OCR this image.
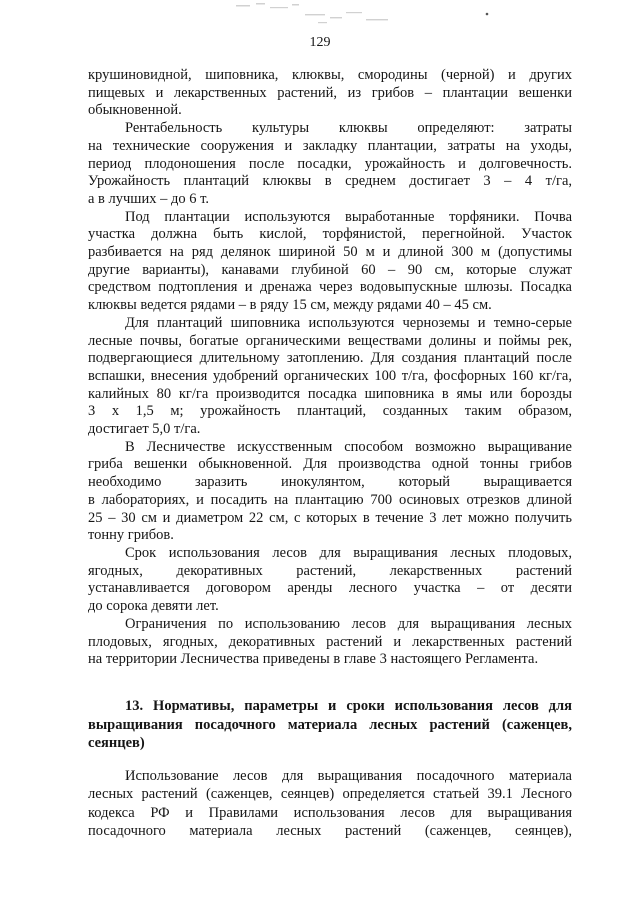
129
крушиновидной, шиповника, клюквы, смородины (черной) и других
пищевых и лекарственных растений, из грибов – плантации вешенки
обыкновенной.
Рентабельность культуры клюквы определяют: затраты
на технические сооружения и закладку плантации, затраты на уходы,
период плодоношения после посадки, урожайность и долговечность.
Урожайность плантаций клюквы в среднем достигает 3 – 4 т/га,
а в лучших – до 6 т.
Под плантации используются выработанные торфяники. Почва
участка должна быть кислой, торфянистой, перегнойной. Участок
разбивается на ряд делянок шириной 50 м и длиной 300 м (допустимы
другие варианты), канавами глубиной 60 – 90 см, которые служат
средством подтопления и дренажа через водовыпускные шлюзы. Посадка
клюквы ведется рядами – в ряду 15 см, между рядами 40 – 45 см.
Для плантаций шиповника используются черноземы и темно-серые
лесные почвы, богатые органическими веществами долины и поймы рек,
подвергающиеся длительному затоплению. Для создания плантаций после
вспашки, внесения удобрений органических 100 т/га, фосфорных 160 кг/га,
калийных 80 кг/га производится посадка шиповника в ямы или борозды
3 х 1,5 м; урожайность плантаций, созданных таким образом,
достигает 5,0 т/га.
В Лесничестве искусственным способом возможно выращивание
гриба вешенки обыкновенной. Для производства одной тонны грибов
необходимо заразить инокулянтом, который выращивается
в лабораториях, и посадить на плантацию 700 осиновых отрезков длиной
25 – 30 см и диаметром 22 см, с которых в течение 3 лет можно получить
тонну грибов.
Срок использования лесов для выращивания лесных плодовых,
ягодных, декоративных растений, лекарственных растений
устанавливается договором аренды лесного участка – от десяти
до сорока девяти лет.
Ограничения по использованию лесов для выращивания лесных
плодовых, ягодных, декоративных растений и лекарственных растений
на территории Лесничества приведены в главе 3 настоящего Регламента.
13. Нормативы, параметры и сроки использования лесов для
выращивания посадочного материала лесных растений (саженцев,
сеянцев)
Использование лесов для выращивания посадочного материала
лесных растений (саженцев, сеянцев) определяется статьей 39.1 Лесного
кодекса РФ и Правилами использования лесов для выращивания
посадочного материала лесных растений (саженцев, сеянцев),
